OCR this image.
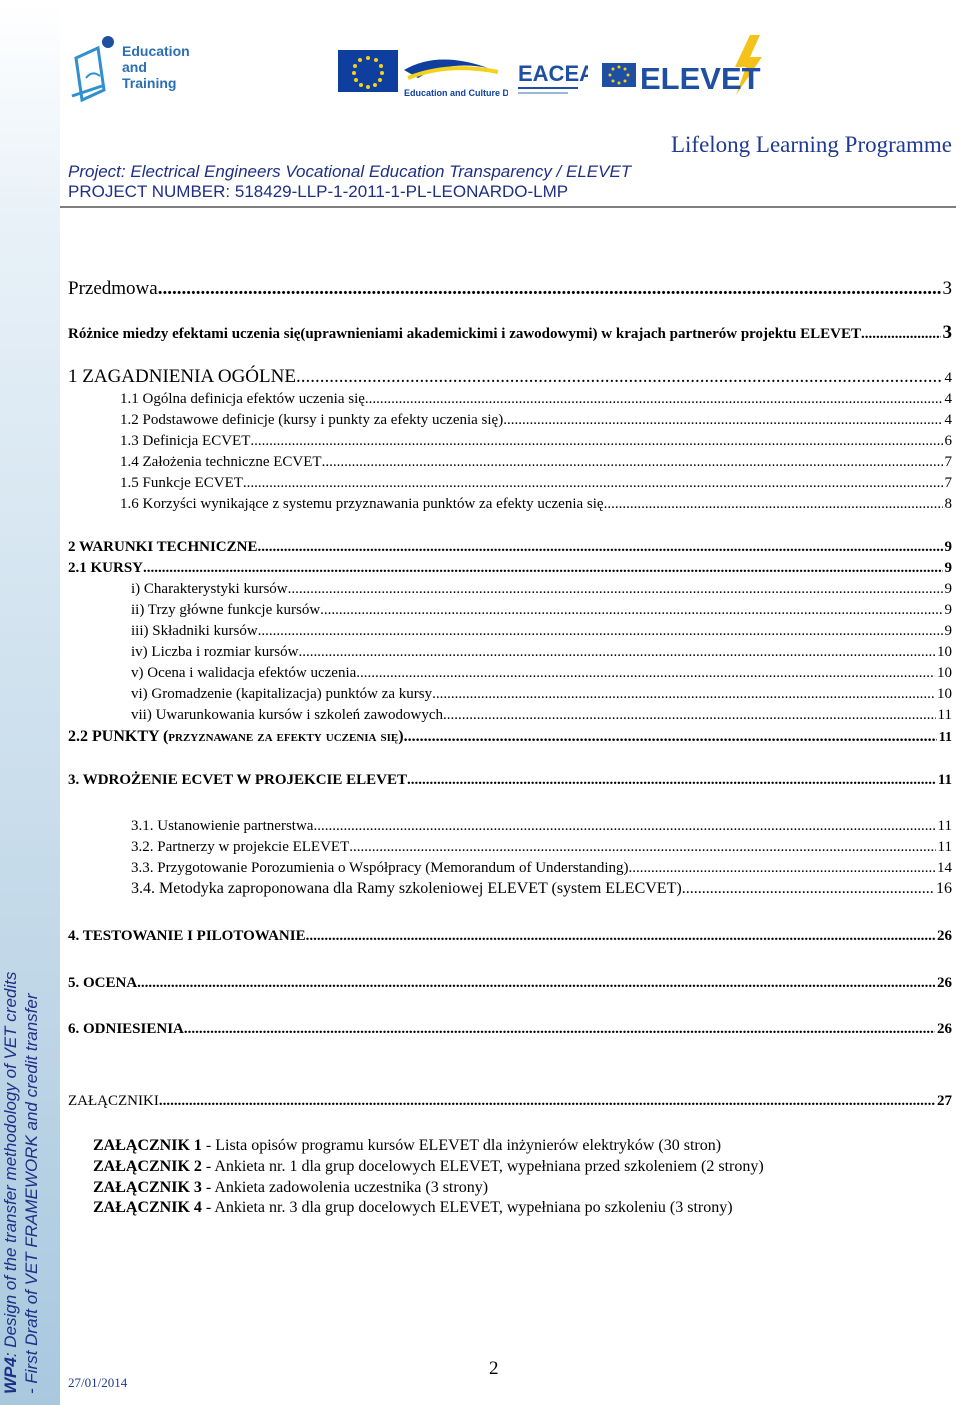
WP4: Design of the transfer methodology of VET credits - First Draft of VET FRAMEWORK and credit transfer
Education
and
Training
Education and Culture DG
EACEA ELEVET
Lifelong Learning Programme
Project: Electrical Engineers Vocational Education Transparency / ELEVET
PROJECT NUMBER: 518429-LLP-1-2011-1-PL-LEONARDO-LMP
Przedmowa .....	3
Różnice miedzy efektami uczenia się(uprawnieniami akademickimi i zawodowymi) w krajach partnerów projektu ELEVET .....	3
1 ZAGADNIENIA OGÓLNE .....	4
1.1 Ogólna definicja efektów uczenia się .....	4
1.2 Podstawowe definicje (kursy i punkty za efekty uczenia się) .....	4
1.3 Definicja ECVET .....	6
1.4 Założenia techniczne ECVET .....	7
1.5 Funkcje ECVET .....	7
1.6 Korzyści wynikające z systemu przyznawania punktów za efekty uczenia się .....	8
2 WARUNKI TECHNICZNE .....	9
2.1 KURSY .....	9
i) Charakterystyki kursów .....	9
ii) Trzy główne funkcje kursów .....	9
iii) Składniki kursów .....	9
iv) Liczba i rozmiar kursów .....	10
v) Ocena i walidacja efektów uczenia .....	10
vi) Gromadzenie (kapitalizacja) punktów za kursy .....	10
vii) Uwarunkowania kursów i szkoleń zawodowych .....	11
2.2 PUNKTY (przyznawane za efekty uczenia się) .....	11
3. WDROŻENIE ECVET W PROJEKCIE ELEVET .....	11
3.1. Ustanowienie partnerstwa .....	11
3.2. Partnerzy w projekcie ELEVET .....	11
3.3. Przygotowanie Porozumienia o Współpracy (Memorandum of Understanding) .....	14
3.4. Metodyka zaproponowana dla Ramy szkoleniowej ELEVET (system ELECVET) .....	16
4. TESTOWANIE I PILOTOWANIE .....	26
5. OCENA .....	26
6. ODNIESIENIA .....	26
ZAŁĄCZNIKI .....	27
ZAŁĄCZNIK 1 - Lista opisów programu kursów ELEVET dla inżynierów elektryków (30 stron)
ZAŁĄCZNIK 2 - Ankieta nr. 1 dla grup docelowych ELEVET, wypełniana przed szkoleniem (2 strony)
ZAŁĄCZNIK 3 - Ankieta zadowolenia uczestnika (3 strony)
ZAŁĄCZNIK 4 - Ankieta nr. 3 dla grup docelowych ELEVET, wypełniana po szkoleniu (3 strony)
2
27/01/2014
